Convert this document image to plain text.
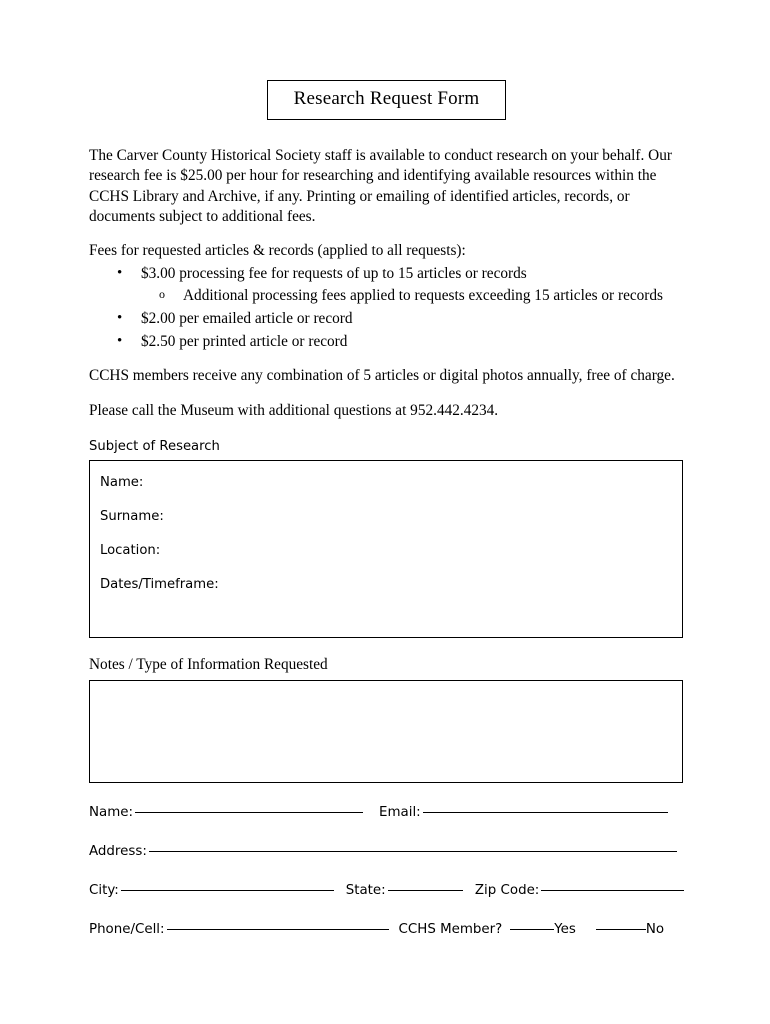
Research Request Form

The Carver County Historical Society staff is available to conduct research on your behalf. Our research fee is $25.00 per hour for researching and identifying available resources within the CCHS Library and Archive, if any. Printing or emailing of identified articles, records, or documents subject to additional fees.

Fees for requested articles & records (applied to all requests):

• $3.00 processing fee for requests of up to 15 articles or records
o Additional processing fees applied to requests exceeding 15 articles or records
• $2.00 per emailed article or record
• $2.50 per printed article or record

CCHS members receive any combination of 5 articles or digital photos annually, free of charge.

Please call the Museum with additional questions at 952.442.4234.

Subject of Research
Name:
Surname:
Location:
Dates/Timeframe:
Notes / Type of Information Requested
Name:	Email:
Address:
City:	State:	Zip Code:
Phone/Cell:	CCHS Member?	Yes	No
